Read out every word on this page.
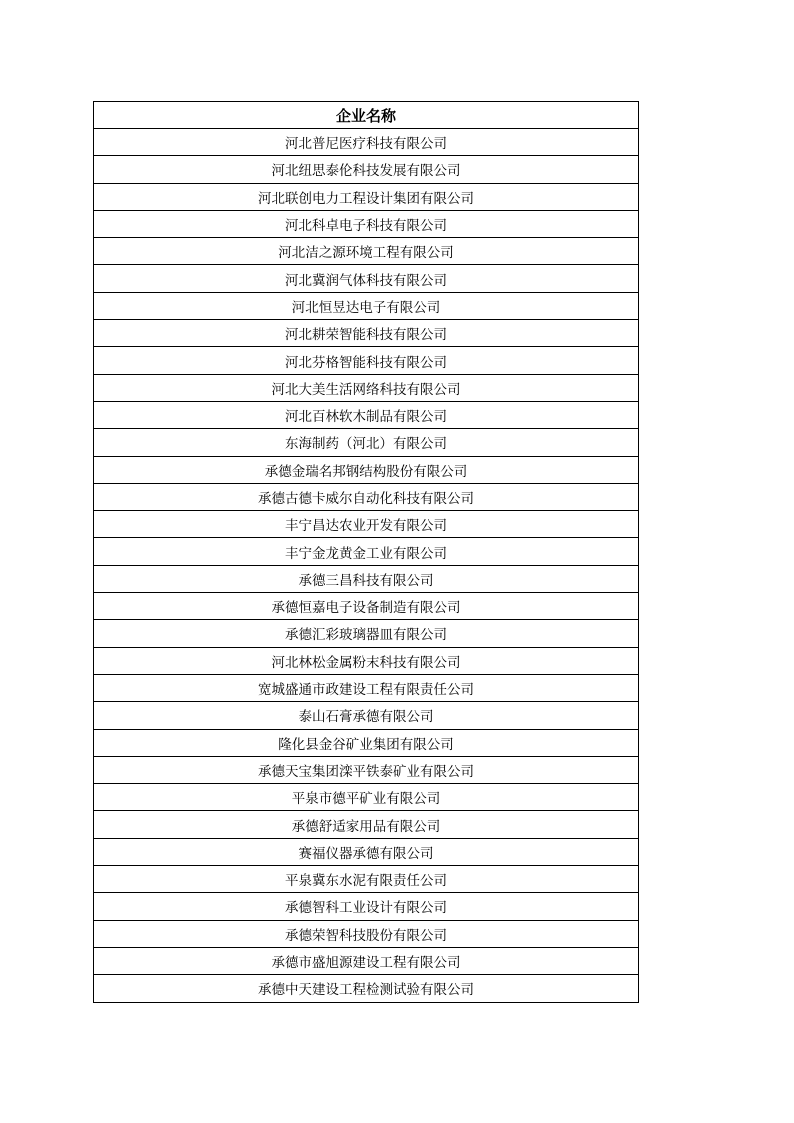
企业名称
河北普尼医疗科技有限公司
河北纽思泰伦科技发展有限公司
河北联创电力工程设计集团有限公司
河北科卓电子科技有限公司
河北洁之源环境工程有限公司
河北冀润气体科技有限公司
河北恒昱达电子有限公司
河北耕荣智能科技有限公司
河北芬格智能科技有限公司
河北大美生活网络科技有限公司
河北百林软木制品有限公司
东海制药（河北）有限公司
承德金瑞名邦钢结构股份有限公司
承德古德卡威尔自动化科技有限公司
丰宁昌达农业开发有限公司
丰宁金龙黄金工业有限公司
承德三昌科技有限公司
承德恒嘉电子设备制造有限公司
承德汇彩玻璃器皿有限公司
河北林松金属粉末科技有限公司
宽城盛通市政建设工程有限责任公司
泰山石膏承德有限公司
隆化县金谷矿业集团有限公司
承德天宝集团滦平铁泰矿业有限公司
平泉市德平矿业有限公司
承德舒适家用品有限公司
赛福仪器承德有限公司
平泉冀东水泥有限责任公司
承德智科工业设计有限公司
承德荣智科技股份有限公司
承德市盛旭源建设工程有限公司
承德中天建设工程检测试验有限公司
